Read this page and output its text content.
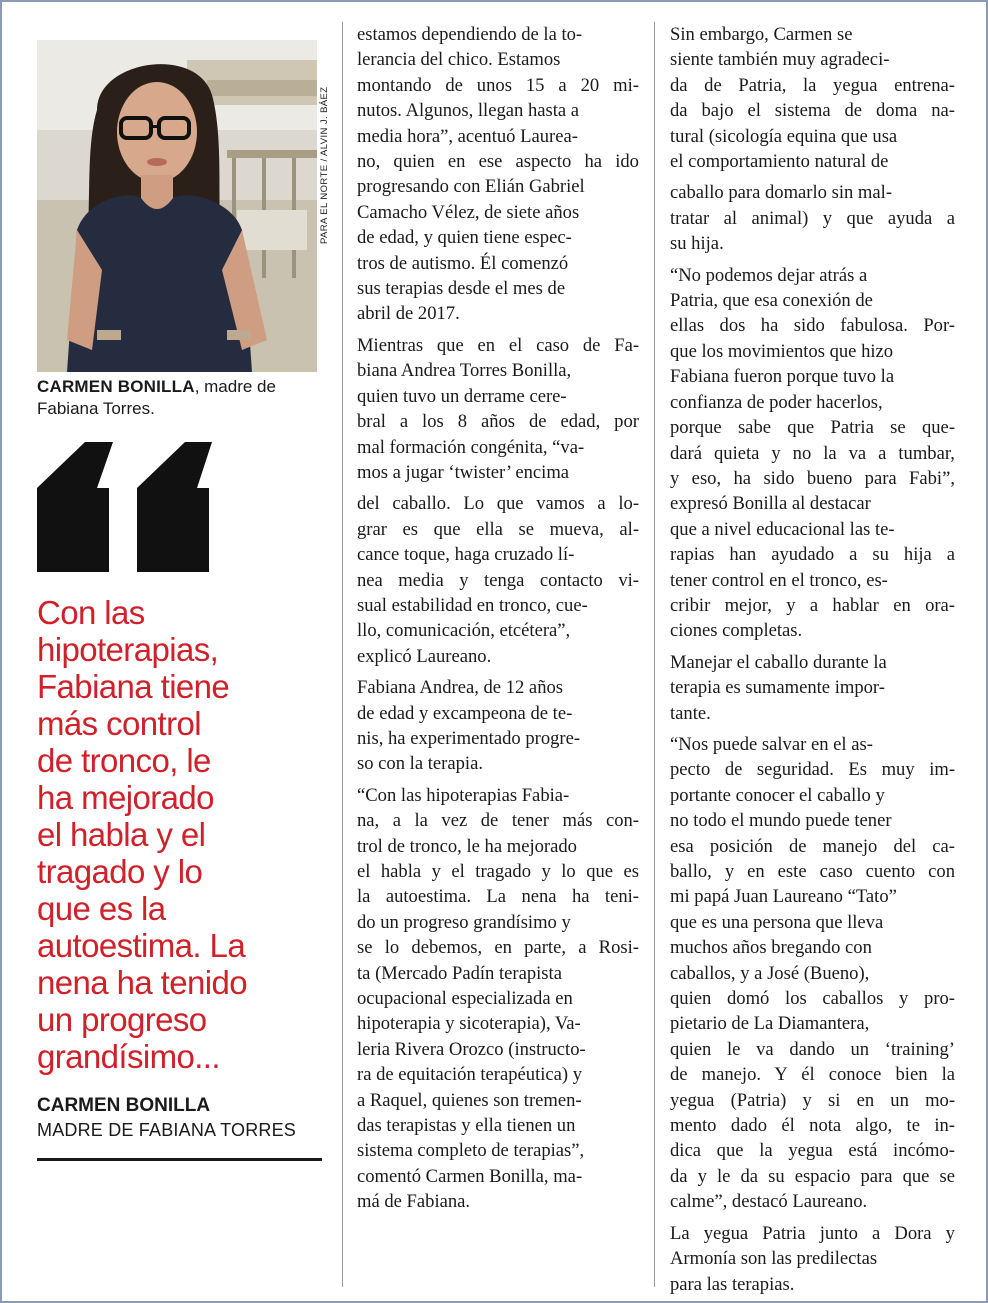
PARA EL NORTE / ALVIN J. BÁEZ
CARMEN BONILLA, madre de
Fabiana Torres.
Con las
hipoterapias,
Fabiana tiene
más control
de tronco, le
ha mejorado
el habla y el
tragado y lo
que es la
autoestima. La
nena ha tenido
un progreso
grandísimo...
CARMEN BONILLA
MADRE DE FABIANA TORRES
estamos dependiendo de la to-
lerancia del chico. Estamos
montando de unos 15 a 20 mi-
nutos. Algunos, llegan hasta a
media hora”, acentuó Laurea-
no, quien en ese aspecto ha ido
progresando con Elián Gabriel
Camacho Vélez, de siete años
de edad, y quien tiene espec-
tros de autismo. Él comenzó
sus terapias desde el mes de
abril de 2017.
Mientras que en el caso de Fa-
biana Andrea Torres Bonilla,
quien tuvo un derrame cere-
bral a los 8 años de edad, por
mal formación congénita, “va-
mos a jugar ‘twister’ encima
del caballo. Lo que vamos a lo-
grar es que ella se mueva, al-
cance toque, haga cruzado lí-
nea media y tenga contacto vi-
sual estabilidad en tronco, cue-
llo, comunicación, etcétera”,
explicó Laureano.
Fabiana Andrea, de 12 años
de edad y excampeona de te-
nis, ha experimentado progre-
so con la terapia.
“Con las hipoterapias Fabia-
na, a la vez de tener más con-
trol de tronco, le ha mejorado
el habla y el tragado y lo que es
la autoestima. La nena ha teni-
do un progreso grandísimo y
se lo debemos, en parte, a Rosi-
ta (Mercado Padín terapista
ocupacional especializada en
hipoterapia y sicoterapia), Va-
leria Rivera Orozco (instructo-
ra de equitación terapéutica) y
a Raquel, quienes son tremen-
das terapistas y ella tienen un
sistema completo de terapias”,
comentó Carmen Bonilla, ma-
má de Fabiana.
Sin embargo, Carmen se
siente también muy agradeci-
da de Patria, la yegua entrena-
da bajo el sistema de doma na-
tural (sicología equina que usa
el comportamiento natural de
caballo para domarlo sin mal-
tratar al animal) y que ayuda a
su hija.
“No podemos dejar atrás a
Patria, que esa conexión de
ellas dos ha sido fabulosa. Por-
que los movimientos que hizo
Fabiana fueron porque tuvo la
confianza de poder hacerlos,
porque sabe que Patria se que-
dará quieta y no la va a tumbar,
y eso, ha sido bueno para Fabi”,
expresó Bonilla al destacar
que a nivel educacional las te-
rapias han ayudado a su hija a
tener control en el tronco, es-
cribir mejor, y a hablar en ora-
ciones completas.
Manejar el caballo durante la
terapia es sumamente impor-
tante.
“Nos puede salvar en el as-
pecto de seguridad. Es muy im-
portante conocer el caballo y
no todo el mundo puede tener
esa posición de manejo del ca-
ballo, y en este caso cuento con
mi papá Juan Laureano “Tato”
que es una persona que lleva
muchos años bregando con
caballos, y a José (Bueno),
quien domó los caballos y pro-
pietario de La Diamantera,
quien le va dando un ‘training’
de manejo. Y él conoce bien la
yegua (Patria) y si en un mo-
mento dado él nota algo, te in-
dica que la yegua está incómo-
da y le da su espacio para que se
calme”, destacó Laureano.
La yegua Patria junto a Dora y
Armonía son las predilectas
para las terapias.
